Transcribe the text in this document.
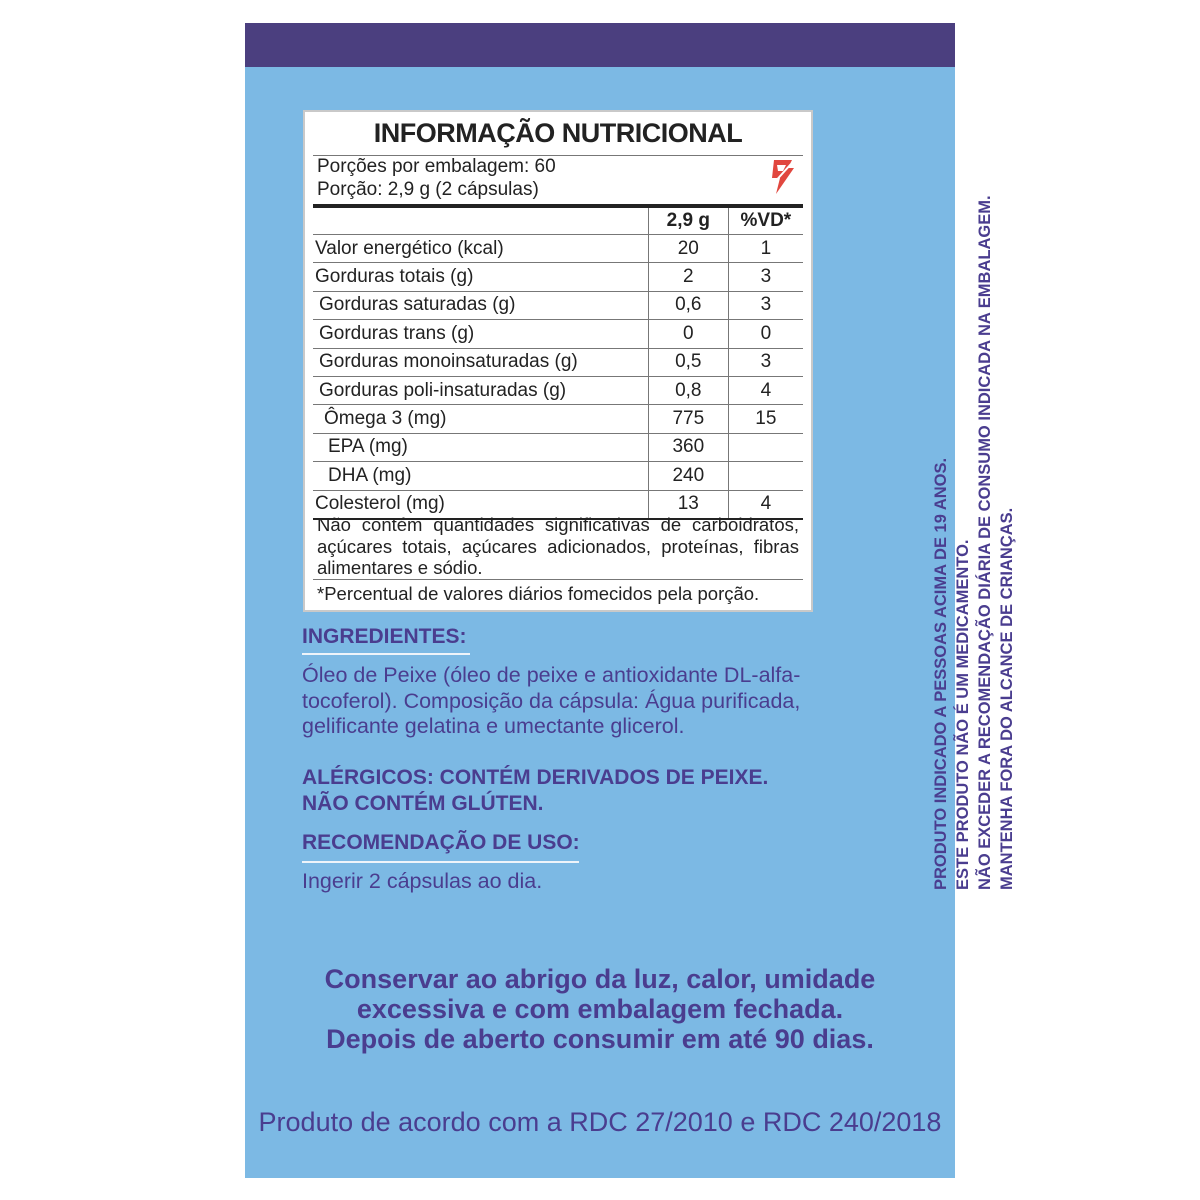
INFORMAÇÃO NUTRICIONAL
Porções por embalagem: 60
Porção: 2,9 g (2 cápsulas)
	2,9 g	%VD*
Valor energético (kcal)	20	1
Gorduras totais (g)	2	3
Gorduras saturadas (g)	0,6	3
Gorduras trans (g)	0	0
Gorduras monoinsaturadas (g)	0,5	3
Gorduras poli-insaturadas (g)	0,8	4
Ômega 3 (mg)	775	15
EPA (mg)	360	
DHA (mg)	240	
Colesterol (mg)	13	4
Não contém quantidades significativas de carboidratos, açúcares totais, açúcares adicionados, proteínas, fibras alimentares e sódio.
*Percentual de valores diários fomecidos pela porção.
INGREDIENTES:
Óleo de Peixe (óleo de peixe e antioxidante DL-alfa-tocoferol). Composição da cápsula: Água purificada, gelificante gelatina e umectante glicerol.
ALÉRGICOS: CONTÉM DERIVADOS DE PEIXE.
NÃO CONTÉM GLÚTEN.
RECOMENDAÇÃO DE USO:
Ingerir 2 cápsulas ao dia.
Conservar ao abrigo da luz, calor, umidade
excessiva e com embalagem fechada.
Depois de aberto consumir em até 90 dias.
Produto de acordo com a RDC 27/2010 e RDC 240/2018
PRODUTO INDICADO A PESSOAS ACIMA DE 19 ANOS. ESTE PRODUTO NÃO É UM MEDICAMENTO. NÃO EXCEDER A RECOMENDAÇÃO DIÁRIA DE CONSUMO INDICADA NA EMBALAGEM. MANTENHA FORA DO ALCANCE DE CRIANÇAS.
